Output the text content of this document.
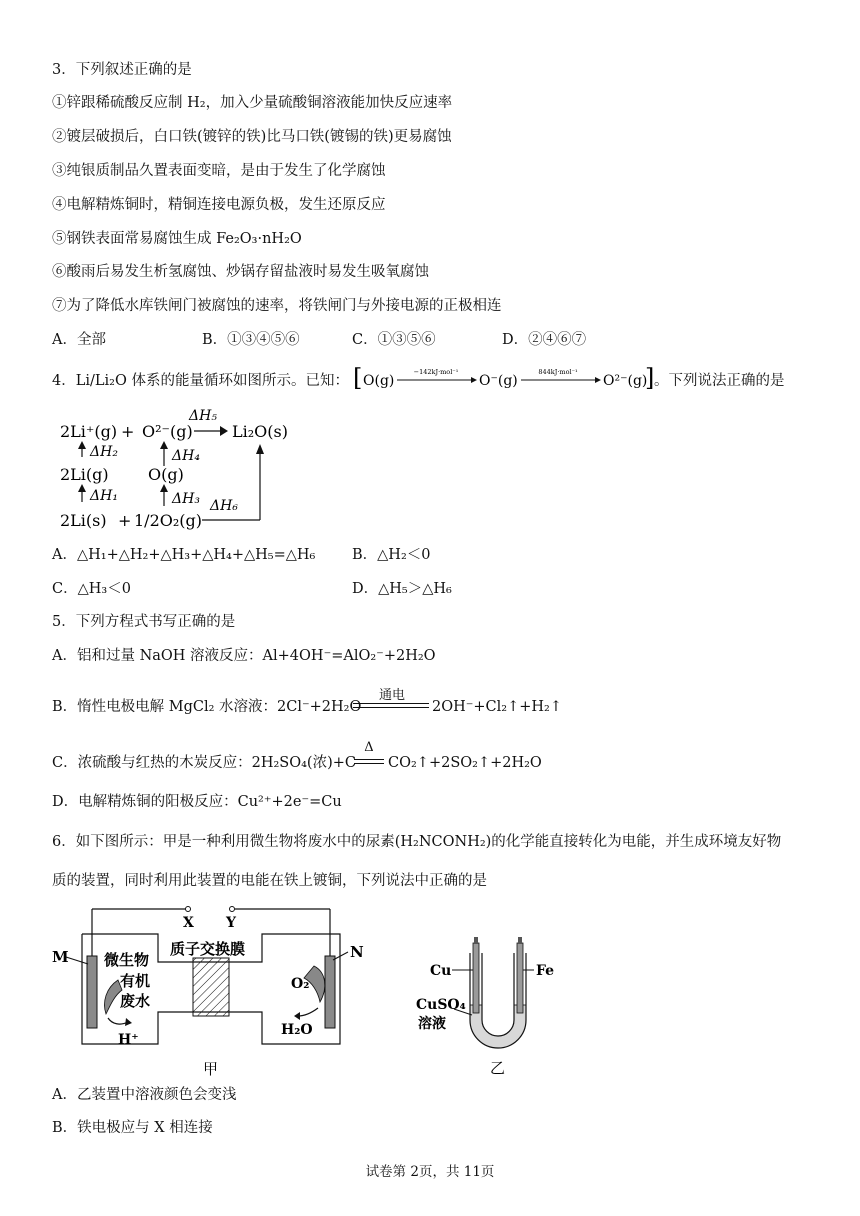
3．下列叙述正确的是
①锌跟稀硫酸反应制 H₂，加入少量硫酸铜溶液能加快反应速率
②镀层破损后，白口铁(镀锌的铁)比马口铁(镀锡的铁)更易腐蚀
③纯银质制品久置表面变暗，是由于发生了化学腐蚀
④电解精炼铜时，精铜连接电源负极，发生还原反应
⑤钢铁表面常易腐蚀生成 Fe₂O₃·nH₂O
⑥酸雨后易发生析氢腐蚀、炒锅存留盐液时易发生吸氧腐蚀
⑦为了降低水库铁闸门被腐蚀的速率，将铁闸门与外接电源的正极相连
A．全部	B．①③④⑤⑥	C．①③⑤⑥	D．②④⑥⑦
4．Li/Li₂O 体系的能量循环如图所示。已知： [ O(g)
−142kJ·mol⁻¹
O⁻(g)
844kJ·mol⁻¹
O²⁻(g)
] 。下列说法正确的是
2Li⁺(g) + O²⁻(g)
ΔH₅
Li₂O(s)
ΔH₂	ΔH₄
2Li(g) O(g)
ΔH₁	ΔH₃
2Li(s) + 1/2O₂(g)
ΔH₆
A．△H₁+△H₂+△H₃+△H₄+△H₅=△H₆	B．△H₂＜0
C．△H₃＜0	D．△H₅＞△H₆
5．下列方程式书写正确的是
A．铝和过量 NaOH 溶液反应：Al+4OH⁻=AlO₂⁻+2H₂O
B．惰性电极电解 MgCl₂ 水溶液：2Cl⁻+2H₂O
通电
2OH⁻+Cl₂↑+H₂↑
C．浓硫酸与红热的木炭反应：2H₂SO₄(浓)+C
Δ
CO₂↑+2SO₂↑+2H₂O
D．电解精炼铜的阳极反应：Cu²⁺+2e⁻=Cu
6．如下图所示：甲是一种利用微生物将废水中的尿素(H₂NCONH₂)的化学能直接转化为电能，并生成环境友好物
质的装置，同时利用此装置的电能在铁上镀铜，下列说法中正确的是
X Y
M	N
微生物
有机
废水
H⁺
质子交换膜
O₂
H₂O
甲
Cu	Fe
CuSO₄
溶液
乙
A．乙装置中溶液颜色会变浅
B．铁电极应与 X 相连接
试卷第 2页，共 11页
